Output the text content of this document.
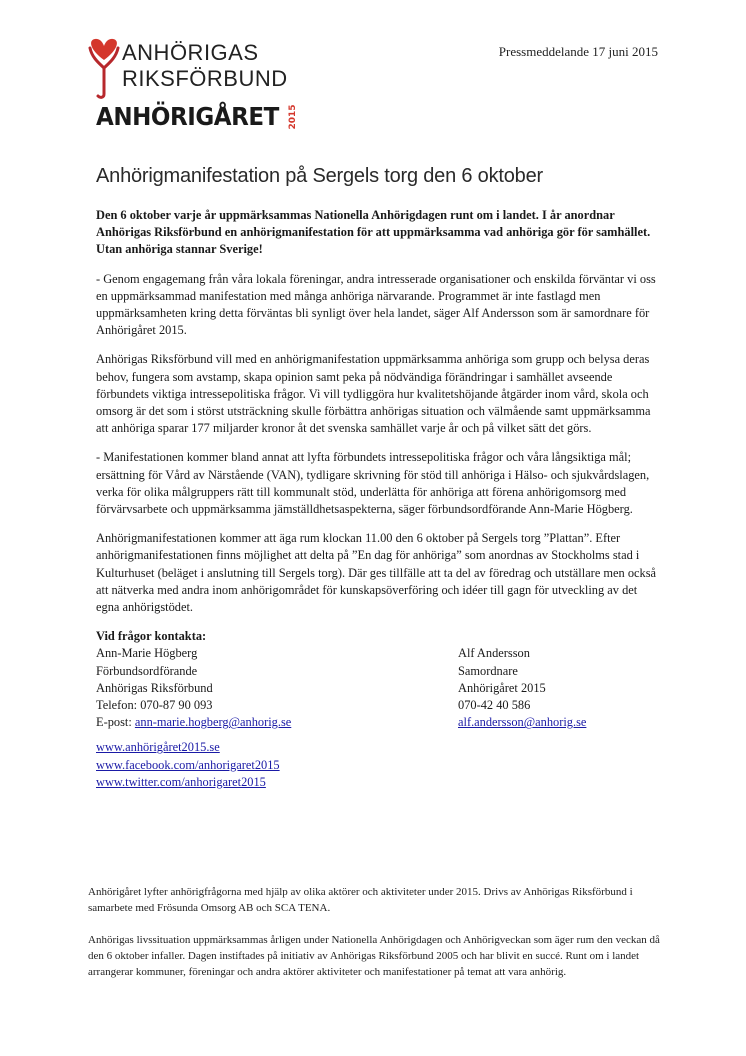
ANHÖRIGAS
RIKSFÖRBUND
ANHÖRIGÅRET 2015
Pressmeddelande 17 juni 2015
Anhörigmanifestation på Sergels torg den 6 oktober

Den 6 oktober varje år uppmärksammas Nationella Anhörigdagen runt om i landet. I år anordnar Anhörigas Riksförbund en anhörigmanifestation för att uppmärksamma vad anhöriga gör för samhället. Utan anhöriga stannar Sverige!

- Genom engagemang från våra lokala föreningar, andra intresserade organisationer och enskilda förväntar vi oss en uppmärksammad manifestation med många anhöriga närvarande. Programmet är inte fastlagd men uppmärksamheten kring detta förväntas bli synligt över hela landet, säger Alf Andersson som är samordnare för Anhörigåret 2015.

Anhörigas Riksförbund vill med en anhörigmanifestation uppmärksamma anhöriga som grupp och belysa deras behov, fungera som avstamp, skapa opinion samt peka på nödvändiga förändringar i samhället avseende förbundets viktiga intressepolitiska frågor. Vi vill tydliggöra hur kvalitetshöjande åtgärder inom vård, skola och omsorg är det som i störst utsträckning skulle förbättra anhörigas situation och välmående samt uppmärksamma att anhöriga sparar 177 miljarder kronor åt det svenska samhället varje år och på vilket sätt det görs.

- Manifestationen kommer bland annat att lyfta förbundets intressepolitiska frågor och våra långsiktiga mål; ersättning för Vård av Närstående (VAN), tydligare skrivning för stöd till anhöriga i Hälso- och sjukvårdslagen, verka för olika målgruppers rätt till kommunalt stöd, underlätta för anhöriga att förena anhörigomsorg med förvärvsarbete och uppmärksamma jämställdhetsaspekterna, säger förbundsordförande Ann-Marie Högberg.

Anhörigmanifestationen kommer att äga rum klockan 11.00 den 6 oktober på Sergels torg ”Plattan”. Efter anhörigmanifestationen finns möjlighet att delta på ”En dag för anhöriga” som anordnas av Stockholms stad i Kulturhuset (beläget i anslutning till Sergels torg). Där ges tillfälle att ta del av föredrag och utställare men också att nätverka med andra inom anhörigområdet för kunskapsöverföring och idéer till gagn för utveckling av det egna anhörigstödet.

Vid frågor kontakta:
Ann-Marie Högberg
Förbundsordförande
Anhörigas Riksförbund
Telefon: 070-87 90 093
E-post: ann-marie.hogberg@anhorig.se
Alf Andersson
Samordnare
Anhörigåret 2015
070-42 40 586
alf.andersson@anhorig.se
www.anhörigåret2015.se
www.facebook.com/anhorigaret2015
www.twitter.com/anhorigaret2015

Anhörigåret lyfter anhörigfrågorna med hjälp av olika aktörer och aktiviteter under 2015. Drivs av Anhörigas Riksförbund i samarbete med Frösunda Omsorg AB och SCA TENA.

Anhörigas livssituation uppmärksammas årligen under Nationella Anhörigdagen och Anhörigveckan som äger rum den veckan då den 6 oktober infaller. Dagen instiftades på initiativ av Anhörigas Riksförbund 2005 och har blivit en succé. Runt om i landet arrangerar kommuner, föreningar och andra aktörer aktiviteter och manifestationer på temat att vara anhörig.
